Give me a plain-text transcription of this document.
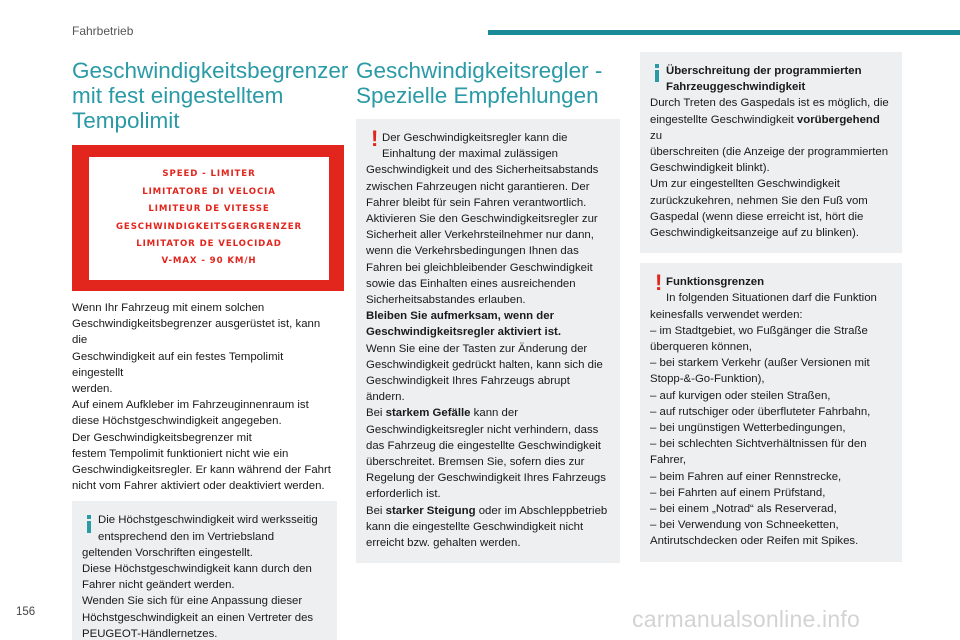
Fahrbetrieb
Geschwindigkeitsbegrenzer
mit fest eingestelltem
Tempolimit
SPEED - LIMITER
LIMITATORE DI VELOCIA
LIMITEUR DE VITESSE
GESCHWINDIGKEITSGERGRENZER
LIMITATOR DE VELOCIDAD
V-MAX - 90 KM/H
Wenn Ihr Fahrzeug mit einem solchen
Geschwindigkeitsbegrenzer ausgerüstet ist, kann die
Geschwindigkeit auf ein festes Tempolimit eingestellt
werden.
Auf einem Aufkleber im Fahrzeuginnenraum ist
diese Höchstgeschwindigkeit angegeben.
Der Geschwindigkeitsbegrenzer mit
festem Tempolimit funktioniert nicht wie ein
Geschwindigkeitsregler. Er kann während der Fahrt
nicht vom Fahrer aktiviert oder deaktiviert werden.
Die Höchstgeschwindigkeit wird werksseitig
entsprechend den im Vertriebsland
geltenden Vorschriften eingestellt.
Diese Höchstgeschwindigkeit kann durch den
Fahrer nicht geändert werden.
Wenden Sie sich für eine Anpassung dieser
Höchstgeschwindigkeit an einen Vertreter des
PEUGEOT-Händlernetzes.
Geschwindigkeitsregler -
Spezielle Empfehlungen
! Der Geschwindigkeitsregler kann die
Einhaltung der maximal zulässigen
Geschwindigkeit und des Sicherheitsabstands
zwischen Fahrzeugen nicht garantieren. Der
Fahrer bleibt für sein Fahren verantwortlich.
Aktivieren Sie den Geschwindigkeitsregler zur
Sicherheit aller Verkehrsteilnehmer nur dann,
wenn die Verkehrsbedingungen Ihnen das
Fahren bei gleichbleibender Geschwindigkeit
sowie das Einhalten eines ausreichenden
Sicherheitsabstandes erlauben.
Bleiben Sie aufmerksam, wenn der
Geschwindigkeitsregler aktiviert ist.
Wenn Sie eine der Tasten zur Änderung der
Geschwindigkeit gedrückt halten, kann sich die
Geschwindigkeit Ihres Fahrzeugs abrupt ändern.
Bei starkem Gefälle kann der
Geschwindigkeitsregler nicht verhindern, dass
das Fahrzeug die eingestellte Geschwindigkeit
überschreitet. Bremsen Sie, sofern dies zur
Regelung der Geschwindigkeit Ihres Fahrzeugs
erforderlich ist.
Bei starker Steigung oder im Abschleppbetrieb
kann die eingestellte Geschwindigkeit nicht
erreicht bzw. gehalten werden.
Überschreitung der programmierten
Fahrzeuggeschwindigkeit
Durch Treten des Gaspedals ist es möglich, die
eingestellte Geschwindigkeit vorübergehend zu
überschreiten (die Anzeige der programmierten
Geschwindigkeit blinkt).
Um zur eingestellten Geschwindigkeit
zurückzukehren, nehmen Sie den Fuß vom
Gaspedal (wenn diese erreicht ist, hört die
Geschwindigkeitsanzeige auf zu blinken).
! Funktionsgrenzen
In folgenden Situationen darf die Funktion
keinesfalls verwendet werden:
– im Stadtgebiet, wo Fußgänger die Straße
überqueren können,
– bei starkem Verkehr (außer Versionen mit
Stopp-&-Go-Funktion),
– auf kurvigen oder steilen Straßen,
– auf rutschiger oder überfluteter Fahrbahn,
– bei ungünstigen Wetterbedingungen,
– bei schlechten Sichtverhältnissen für den
Fahrer,
– beim Fahren auf einer Rennstrecke,
– bei Fahrten auf einem Prüfstand,
– bei einem „Notrad“ als Reserverad,
– bei Verwendung von Schneeketten,
Antirutschdecken oder Reifen mit Spikes.
156	carmanualsonline.info
